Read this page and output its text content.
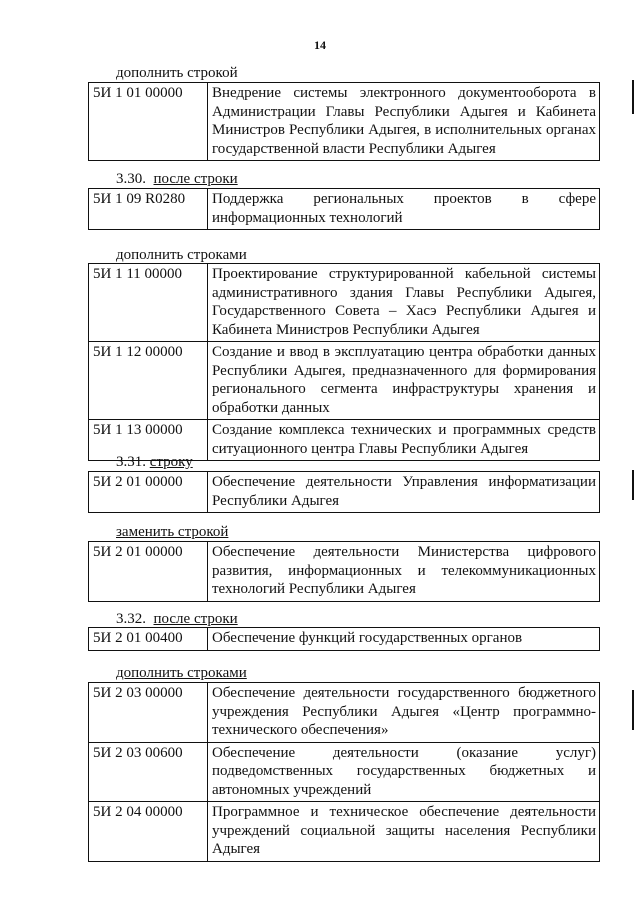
14
дополнить строкой
5И 1 01 00000	Внедрение системы электронного документооборота в Администрации Главы Республики Адыгея и Кабинета Министров Республики Адыгея, в исполнительных органах государственной власти Республики Адыгея
3.30. после строки
5И 1 09 R0280	Поддержка региональных проектов в сфере информационных технологий
дополнить строками
5И 1 11 00000	Проектирование структурированной кабельной системы административного здания Главы Республики Адыгея, Государственного Совета – Хасэ Республики Адыгея и Кабинета Министров Республики Адыгея
5И 1 12 00000	Создание и ввод в эксплуатацию центра обработки данных Республики Адыгея, предназначенного для формирования регионального сегмента инфраструктуры хранения и обработки данных
5И 1 13 00000	Создание комплекса технических и программных средств ситуационного центра Главы Республики Адыгея
3.31. строку
5И 2 01 00000	Обеспечение деятельности Управления информатизации Республики Адыгея
заменить строкой
5И 2 01 00000	Обеспечение деятельности Министерства цифрового развития, информационных и телекоммуникационных технологий Республики Адыгея
3.32. после строки
5И 2 01 00400	Обеспечение функций государственных органов
дополнить строками
5И 2 03 00000	Обеспечение деятельности государственного бюджетного учреждения Республики Адыгея «Центр программно-технического обеспечения»
5И 2 03 00600	Обеспечение деятельности (оказание услуг) подведомственных государственных бюджетных и автономных учреждений
5И 2 04 00000	Программное и техническое обеспечение деятельности учреждений социальной защиты населения Республики Адыгея
